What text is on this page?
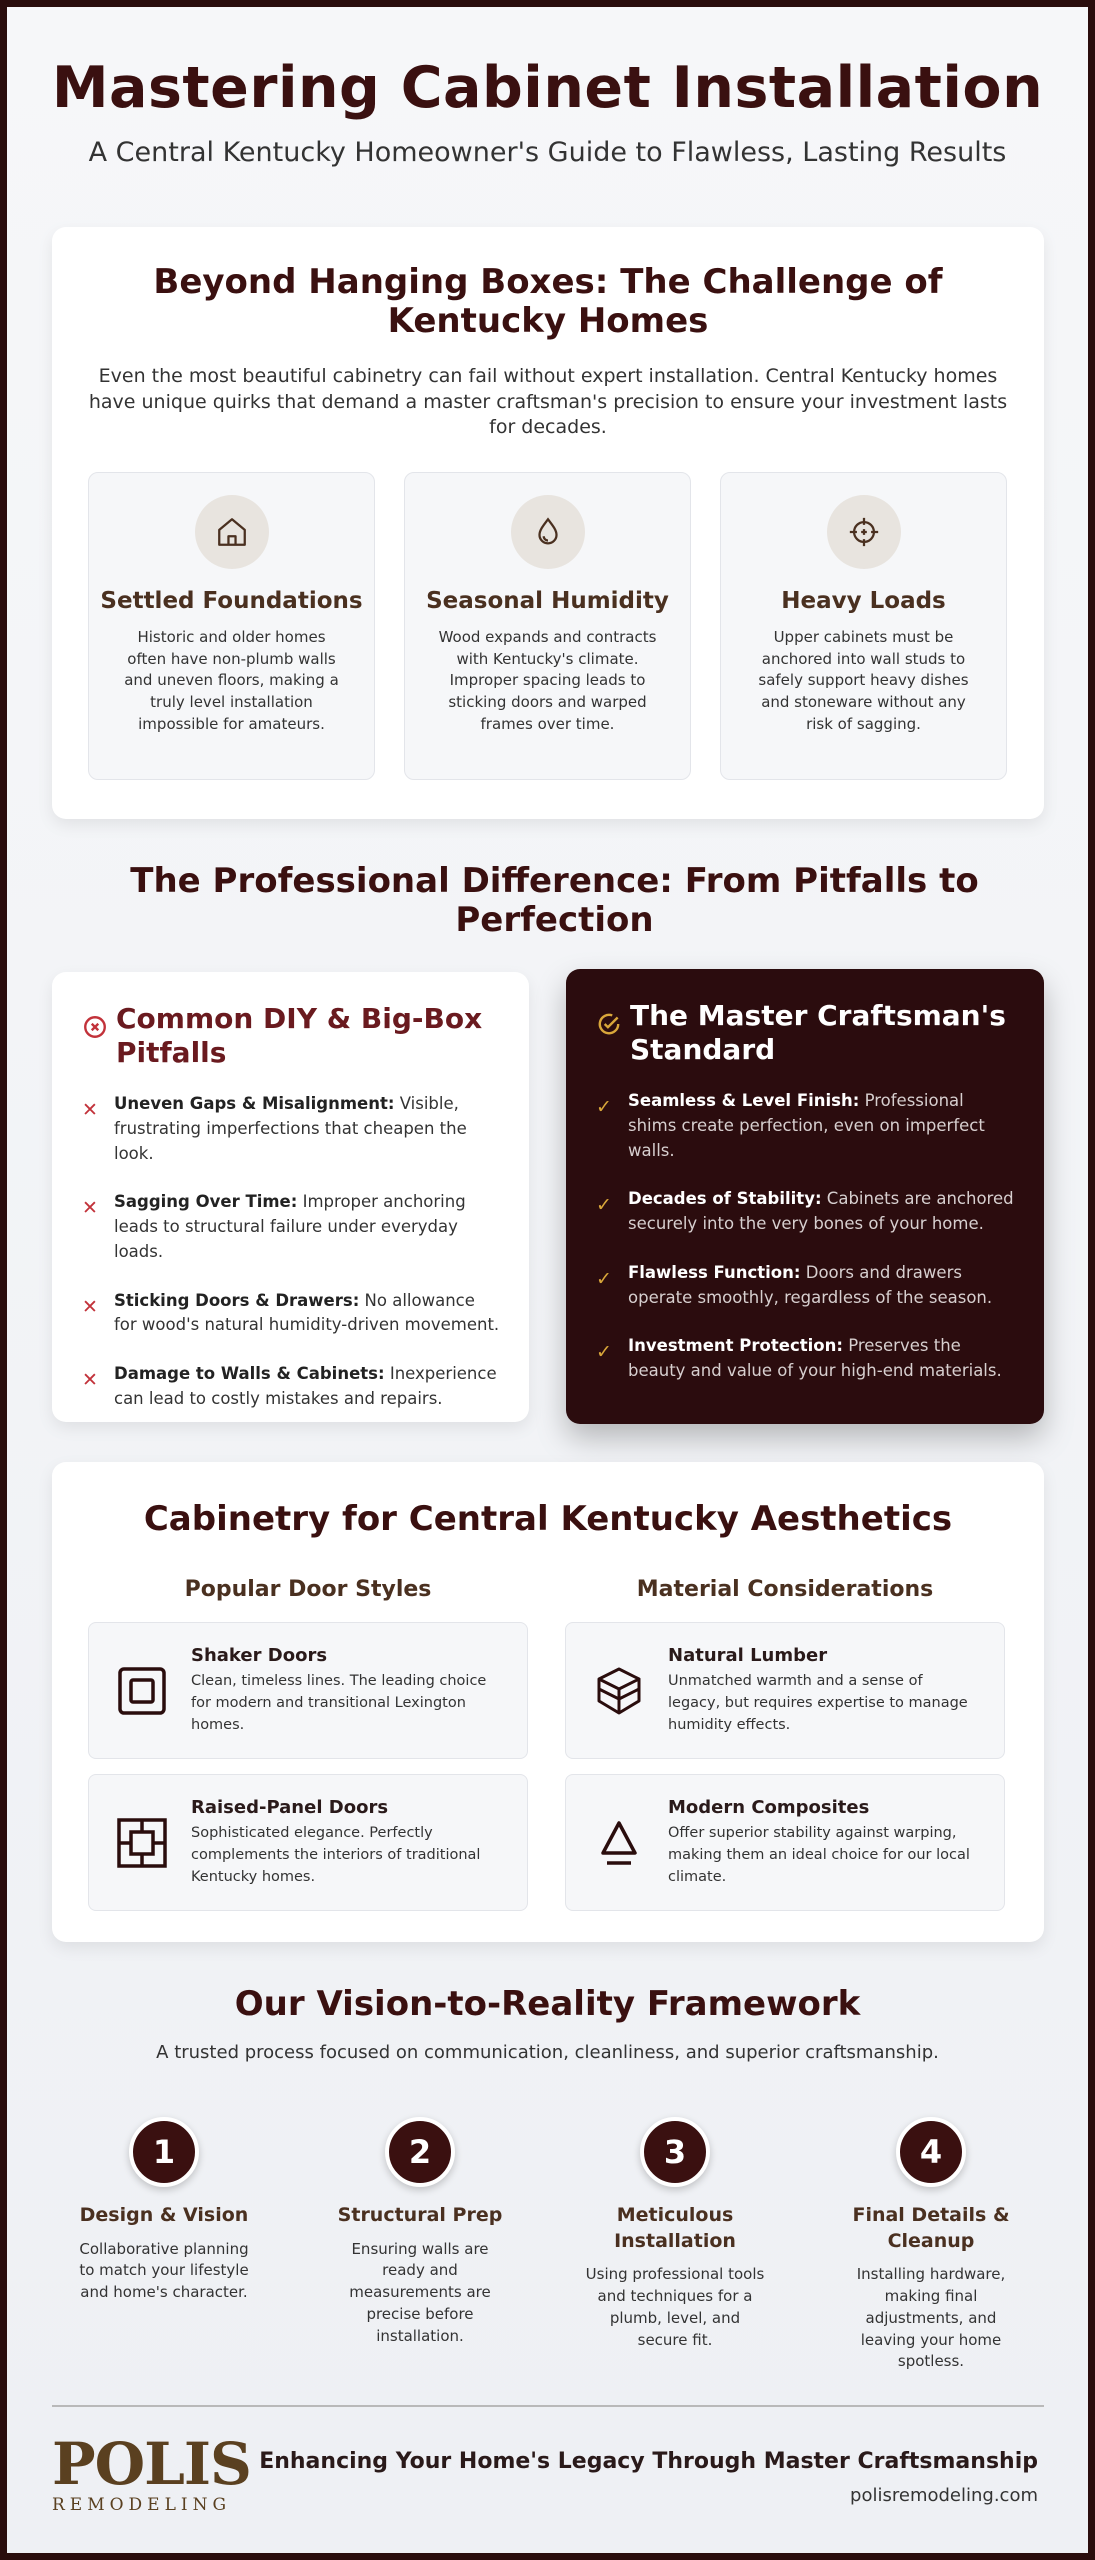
Mastering Cabinet Installation

A Central Kentucky Homeowner's Guide to Flawless, Lasting Results

Beyond Hanging Boxes: The Challenge of Kentucky Homes

Even the most beautiful cabinetry can fail without expert installation. Central Kentucky homes have unique quirks that demand a master craftsman's precision to ensure your investment lasts for decades.

Settled Foundations
Historic and older homes often have non-plumb walls and uneven floors, making a truly level installation impossible for amateurs.
Seasonal Humidity
Wood expands and contracts with Kentucky's climate. Improper spacing leads to sticking doors and warped frames over time.
Heavy Loads
Upper cabinets must be anchored into wall studs to safely support heavy dishes and stoneware without any risk of sagging.
The Professional Difference: From Pitfalls to Perfection
Common DIY & Big-Box Pitfalls
✕ Uneven Gaps & Misalignment: Visible, frustrating imperfections that cheapen the look.
✕ Sagging Over Time: Improper anchoring leads to structural failure under everyday loads.
✕ Sticking Doors & Drawers: No allowance for wood's natural humidity-driven movement.
✕ Damage to Walls & Cabinets: Inexperience can lead to costly mistakes and repairs.
The Master Craftsman's Standard
✓ Seamless & Level Finish: Professional shims create perfection, even on imperfect walls.
✓ Decades of Stability: Cabinets are anchored securely into the very bones of your home.
✓ Flawless Function: Doors and drawers operate smoothly, regardless of the season.
✓ Investment Protection: Preserves the beauty and value of your high-end materials.
Cabinetry for Central Kentucky Aesthetics
Popular Door Styles	Material Considerations
Shaker Doors
Clean, timeless lines. The leading choice for modern and transitional Lexington homes.
Raised-Panel Doors
Sophisticated elegance. Perfectly complements the interiors of traditional Kentucky homes.
Natural Lumber
Unmatched warmth and a sense of legacy, but requires expertise to manage humidity effects.
Modern Composites
Offer superior stability against warping, making them an ideal choice for our local climate.
Our Vision-to-Reality Framework

A trusted process focused on communication, cleanliness, and superior craftsmanship.

1
Design & Vision
Collaborative planning to match your lifestyle and home's character.
2
Structural Prep
Ensuring walls are ready and measurements are precise before installation.
3
Meticulous Installation
Using professional tools and techniques for a plumb, level, and secure fit.
4
Final Details & Cleanup
Installing hardware, making final adjustments, and leaving your home spotless.
POLIS
REMODELING
Enhancing Your Home's Legacy Through Master Craftsmanship
polisremodeling.com
